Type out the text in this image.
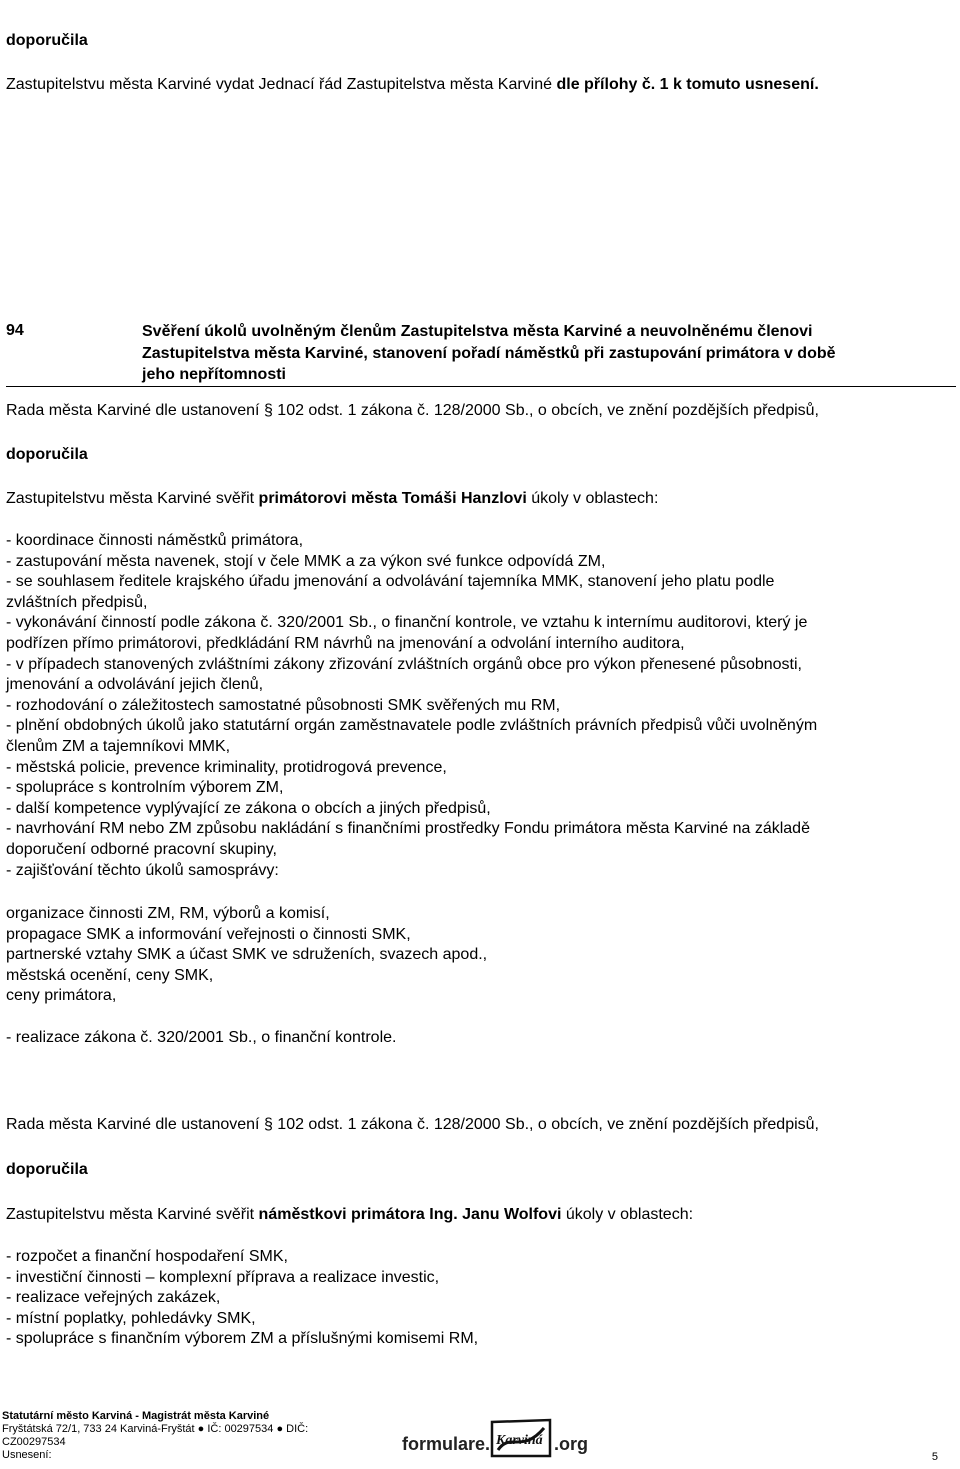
doporučila
Zastupitelstvu města Karviné vydat Jednací řád Zastupitelstva města Karviné dle přílohy č. 1 k tomuto usnesení.
94	Svěření úkolů uvolněným členům Zastupitelstva města Karviné a neuvolněnému členovi
Zastupitelstva města Karviné, stanovení pořadí náměstků při zastupování primátora v době
jeho nepřítomnosti
Rada města Karviné dle ustanovení § 102 odst. 1 zákona č. 128/2000 Sb., o obcích, ve znění pozdějších předpisů,
doporučila
Zastupitelstvu města Karviné svěřit primátorovi města Tomáši Hanzlovi úkoly v oblastech:
- koordinace činnosti náměstků primátora,
- zastupování města navenek, stojí v čele MMK a za výkon své funkce odpovídá ZM,
- se souhlasem ředitele krajského úřadu jmenování a odvolávání tajemníka MMK, stanovení jeho platu podle
zvláštních předpisů,
- vykonávání činností podle zákona č. 320/2001 Sb., o finanční kontrole, ve vztahu k internímu auditorovi, který je
podřízen přímo primátorovi, předkládání RM návrhů na jmenování a odvolání interního auditora,
- v případech stanovených zvláštními zákony zřizování zvláštních orgánů obce pro výkon přenesené působnosti,
jmenování a odvolávání jejich členů,
- rozhodování o záležitostech samostatné působnosti SMK svěřených mu RM,
- plnění obdobných úkolů jako statutární orgán zaměstnavatele podle zvláštních právních předpisů vůči uvolněným
členům ZM a tajemníkovi MMK,
- městská policie, prevence kriminality, protidrogová prevence,
- spolupráce s kontrolním výborem ZM,
- další kompetence vyplývající ze zákona o obcích a jiných předpisů,
- navrhování RM nebo ZM způsobu nakládání s finančními prostředky Fondu primátora města Karviné na základě
doporučení odborné pracovní skupiny,
- zajišťování těchto úkolů samosprávy:
organizace činnosti ZM, RM, výborů a komisí,
propagace SMK a informování veřejnosti o činnosti SMK,
partnerské vztahy SMK a účast SMK ve sdruženích, svazech apod.,
městská ocenění, ceny SMK,
ceny primátora,
- realizace zákona č. 320/2001 Sb., o finanční kontrole.
Rada města Karviné dle ustanovení § 102 odst. 1 zákona č. 128/2000 Sb., o obcích, ve znění pozdějších předpisů,
doporučila
Zastupitelstvu města Karviné svěřit náměstkovi primátora Ing. Janu Wolfovi úkoly v oblastech:
- rozpočet a finanční hospodaření SMK,
- investiční činnosti – komplexní příprava a realizace investic,
- realizace veřejných zakázek,
- místní poplatky, pohledávky SMK,
- spolupráce s finančním výborem ZM a příslušnými komisemi RM,
Statutární město Karviná - Magistrát města Karviné
Fryštátská 72/1, 733 24 Karviná-Fryštát ● IČ: 00297534 ● DIČ:
CZ00297534
Usnesení:
formulare. Karviná .org
5
